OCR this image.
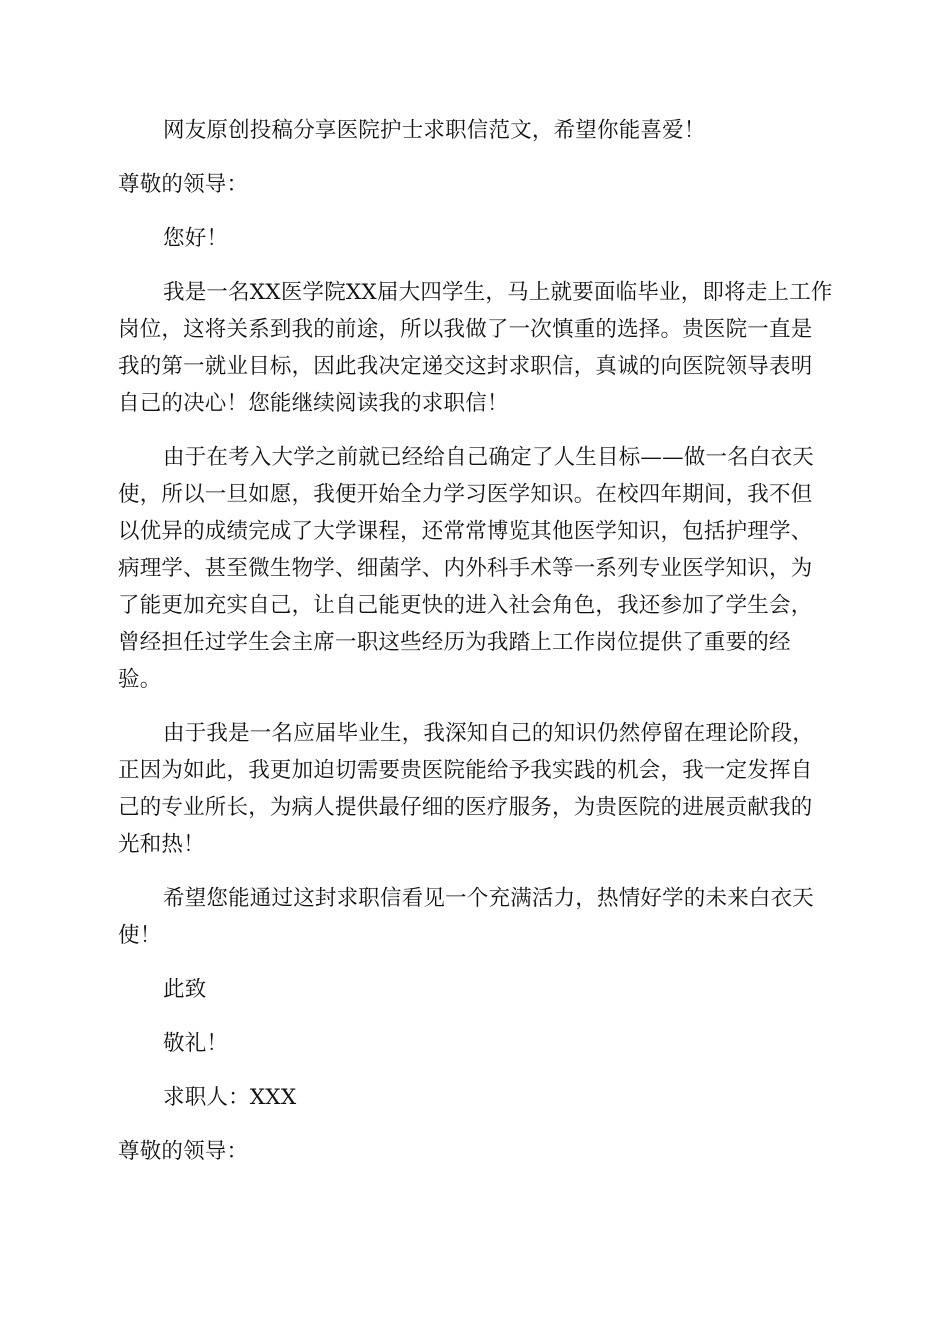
网友原创投稿分享医院护士求职信范文，希望你能喜爱！

尊敬的领导：

您好！

我是一名XX医学院XX届大四学生，马上就要面临毕业，即将走上工作岗位，这将关系到我的前途，所以我做了一次慎重的选择。贵医院一直是我的第一就业目标，因此我决定递交这封求职信，真诚的向医院领导表明自己的决心！您能继续阅读我的求职信！

由于在考入大学之前就已经给自己确定了人生目标——做一名白衣天使，所以一旦如愿，我便开始全力学习医学知识。在校四年期间，我不但以优异的成绩完成了大学课程，还常常博览其他医学知识，包括护理学、病理学、甚至微生物学、细菌学、内外科手术等一系列专业医学知识，为了能更加充实自己，让自己能更快的进入社会角色，我还参加了学生会，曾经担任过学生会主席一职这些经历为我踏上工作岗位提供了重要的经验。

由于我是一名应届毕业生，我深知自己的知识仍然停留在理论阶段，正因为如此，我更加迫切需要贵医院能给予我实践的机会，我一定发挥自己的专业所长，为病人提供最仔细的医疗服务，为贵医院的进展贡献我的光和热！

希望您能通过这封求职信看见一个充满活力，热情好学的未来白衣天使！

此致

敬礼！

求职人：XXX

尊敬的领导：
